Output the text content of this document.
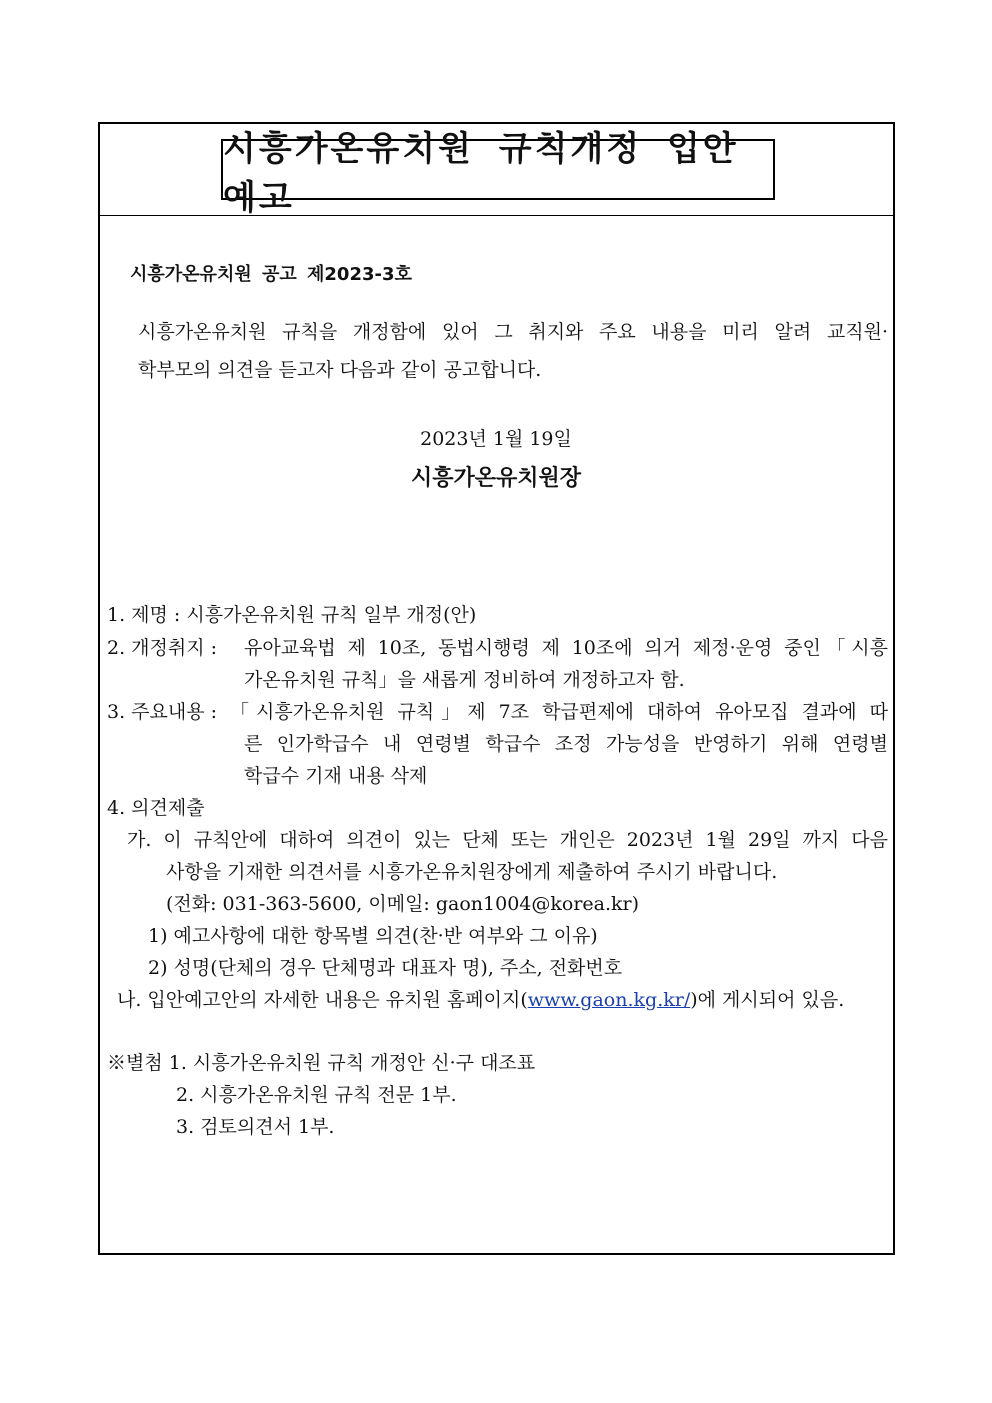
시흥가온유치원 규칙개정 입안 예고
시흥가온유치원 공고 제2023-3호
시흥가온유치원 규칙을 개정함에 있어 그 취지와 주요 내용을 미리 알려 교직원·
학부모의 의견을 듣고자 다음과 같이 공고합니다.
2023년 1월 19일
시흥가온유치원장
1. 제명 : 시흥가온유치원 규칙 일부 개정(안)
2. 개정취지 : 유아교육법 제 10조, 동법시행령 제 10조에 의거 제정·운영 중인「시흥
가온유치원 규칙」을 새롭게 정비하여 개정하고자 함.
3. 주요내용 : 「시흥가온유치원 규칙」제 7조 학급편제에 대하여 유아모집 결과에 따
른 인가학급수 내 연령별 학급수 조정 가능성을 반영하기 위해 연령별
학급수 기재 내용 삭제
4. 의견제출
가. 이 규칙안에 대하여 의견이 있는 단체 또는 개인은 2023년 1월 29일 까지 다음
사항을 기재한 의견서를 시흥가온유치원장에게 제출하여 주시기 바랍니다.
(전화: 031-363-5600, 이메일: gaon1004@korea.kr)
1) 예고사항에 대한 항목별 의견(찬·반 여부와 그 이유)
2) 성명(단체의 경우 단체명과 대표자 명), 주소, 전화번호
나. 입안예고안의 자세한 내용은 유치원 홈페이지(www.gaon.kg.kr/)에 게시되어 있음.
※별첨 1. 시흥가온유치원 규칙 개정안 신·구 대조표
2. 시흥가온유치원 규칙 전문 1부.
3. 검토의견서 1부.
